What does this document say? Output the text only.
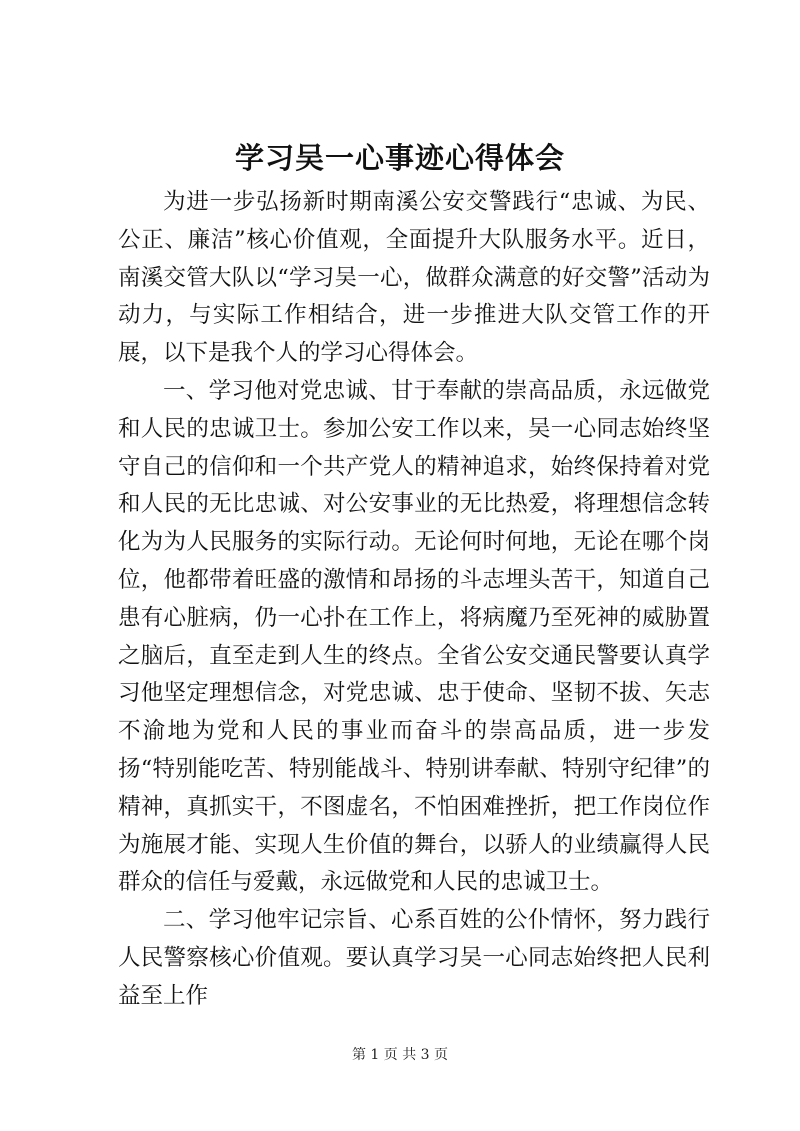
学习吴一心事迹心得体会

为进一步弘扬新时期南溪公安交警践行“忠诚、为民、公正、廉洁”核心价值观，全面提升大队服务水平。近日，南溪交管大队以“学习吴一心，做群众满意的好交警”活动为动力，与实际工作相结合，进一步推进大队交管工作的开展，以下是我个人的学习心得体会。

一、学习他对党忠诚、甘于奉献的崇高品质，永远做党和人民的忠诚卫士。参加公安工作以来，吴一心同志始终坚守自己的信仰和一个共产党人的精神追求，始终保持着对党和人民的无比忠诚、对公安事业的无比热爱，将理想信念转化为为人民服务的实际行动。无论何时何地，无论在哪个岗位，他都带着旺盛的激情和昂扬的斗志埋头苦干，知道自己患有心脏病，仍一心扑在工作上，将病魔乃至死神的威胁置之脑后，直至走到人生的终点。全省公安交通民警要认真学习他坚定理想信念，对党忠诚、忠于使命、坚韧不拔、矢志不渝地为党和人民的事业而奋斗的崇高品质，进一步发扬“特别能吃苦、特别能战斗、特别讲奉献、特别守纪律”的精神，真抓实干，不图虚名，不怕困难挫折，把工作岗位作为施展才能、实现人生价值的舞台，以骄人的业绩赢得人民群众的信任与爱戴，永远做党和人民的忠诚卫士。

二、学习他牢记宗旨、心系百姓的公仆情怀，努力践行人民警察核心价值观。要认真学习吴一心同志始终把人民利益至上作

第 1 页 共 3 页
